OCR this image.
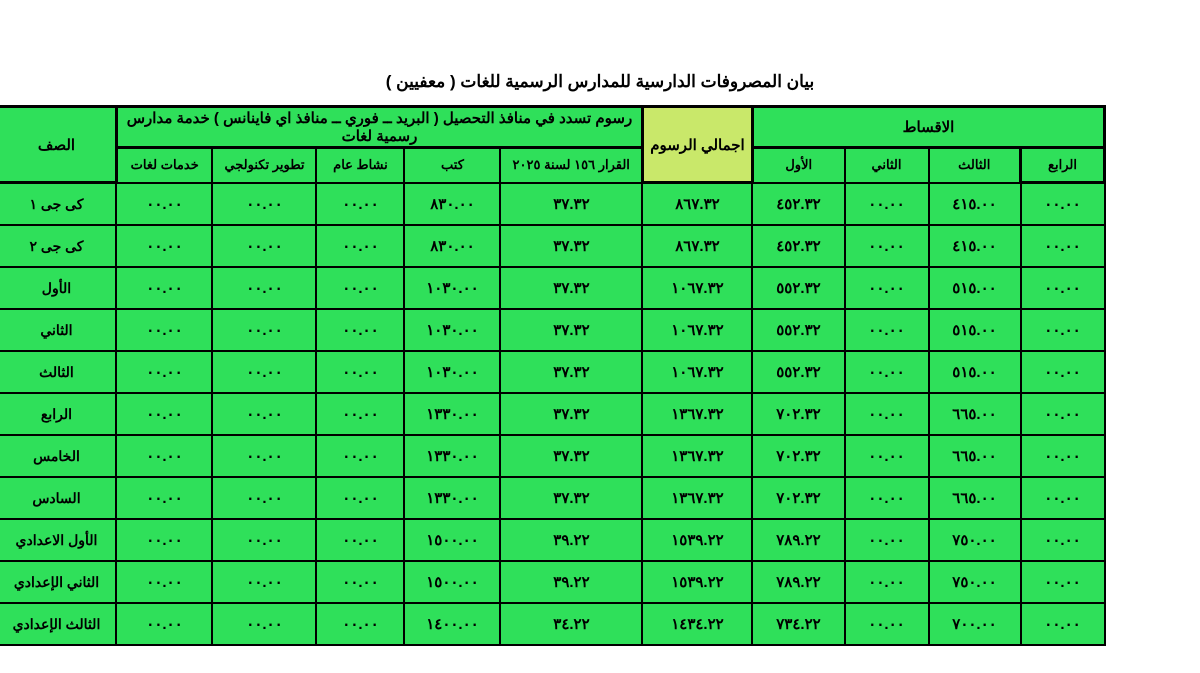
بيان المصروفات الدارسية للمدارس الرسمية للغات ( معفيين )
الاقساط				اجمالي الرسوم	رسوم تسدد في منافذ التحصيل ( البريد ــ فوري ــ منافذ اي فاينانس ) خدمة مدارس رسمية لغات					الصف
الرابع	الثالث	الثاني	الأول		القرار ١٥٦ لسنة ٢٠٢٥	كتب	نشاط عام	تطوير تكنولجي	خدمات لغات	
٠٠.٠٠	٤١٥.٠٠	٠٠.٠٠	٤٥٢.٣٢	٨٦٧.٣٢	٣٧.٣٢	٨٣٠.٠٠	٠٠.٠٠	٠٠.٠٠	٠٠.٠٠	كى جى ١
٠٠.٠٠	٤١٥.٠٠	٠٠.٠٠	٤٥٢.٣٢	٨٦٧.٣٢	٣٧.٣٢	٨٣٠.٠٠	٠٠.٠٠	٠٠.٠٠	٠٠.٠٠	كى جى ٢
٠٠.٠٠	٥١٥.٠٠	٠٠.٠٠	٥٥٢.٣٢	١٠٦٧.٣٢	٣٧.٣٢	١٠٣٠.٠٠	٠٠.٠٠	٠٠.٠٠	٠٠.٠٠	الأول
٠٠.٠٠	٥١٥.٠٠	٠٠.٠٠	٥٥٢.٣٢	١٠٦٧.٣٢	٣٧.٣٢	١٠٣٠.٠٠	٠٠.٠٠	٠٠.٠٠	٠٠.٠٠	الثاني
٠٠.٠٠	٥١٥.٠٠	٠٠.٠٠	٥٥٢.٣٢	١٠٦٧.٣٢	٣٧.٣٢	١٠٣٠.٠٠	٠٠.٠٠	٠٠.٠٠	٠٠.٠٠	الثالث
٠٠.٠٠	٦٦٥.٠٠	٠٠.٠٠	٧٠٢.٣٢	١٣٦٧.٣٢	٣٧.٣٢	١٣٣٠.٠٠	٠٠.٠٠	٠٠.٠٠	٠٠.٠٠	الرابع
٠٠.٠٠	٦٦٥.٠٠	٠٠.٠٠	٧٠٢.٣٢	١٣٦٧.٣٢	٣٧.٣٢	١٣٣٠.٠٠	٠٠.٠٠	٠٠.٠٠	٠٠.٠٠	الخامس
٠٠.٠٠	٦٦٥.٠٠	٠٠.٠٠	٧٠٢.٣٢	١٣٦٧.٣٢	٣٧.٣٢	١٣٣٠.٠٠	٠٠.٠٠	٠٠.٠٠	٠٠.٠٠	السادس
٠٠.٠٠	٧٥٠.٠٠	٠٠.٠٠	٧٨٩.٢٢	١٥٣٩.٢٢	٣٩.٢٢	١٥٠٠.٠٠	٠٠.٠٠	٠٠.٠٠	٠٠.٠٠	الأول الاعدادي
٠٠.٠٠	٧٥٠.٠٠	٠٠.٠٠	٧٨٩.٢٢	١٥٣٩.٢٢	٣٩.٢٢	١٥٠٠.٠٠	٠٠.٠٠	٠٠.٠٠	٠٠.٠٠	الثاني الإعدادي
٠٠.٠٠	٧٠٠.٠٠	٠٠.٠٠	٧٣٤.٢٢	١٤٣٤.٢٢	٣٤.٢٢	١٤٠٠.٠٠	٠٠.٠٠	٠٠.٠٠	٠٠.٠٠	الثالث الإعدادي
